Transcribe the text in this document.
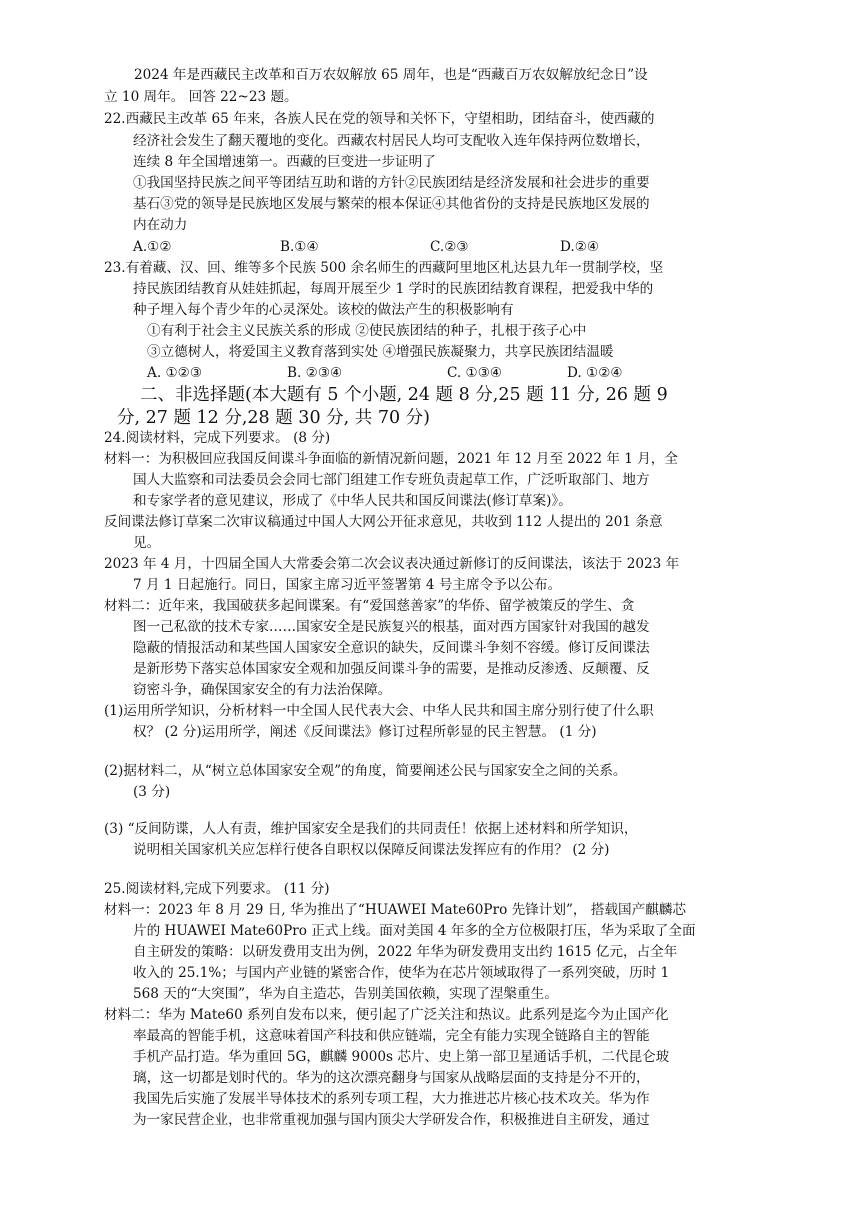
2024 年是西藏民主改革和百万农奴解放 65 周年，也是“西藏百万农奴解放纪念日”设
立 10 周年。 回答 22~23 题。
22.西藏民主改革 65 年来，各族人民在党的领导和关怀下，守望相助，团结奋斗，使西藏的
经济社会发生了翻天覆地的变化。西藏农村居民人均可支配收入连年保持两位数增长，
连续 8 年全国增速第一。西藏的巨变进一步证明了
①我国坚持民族之间平等团结互助和谐的方针②民族团结是经济发展和社会进步的重要
基石③党的领导是民族地区发展与繁荣的根本保证④其他省份的支持是民族地区发展的
内在动力
A.①②	B.①④	C.②③	D.②④
23.有着藏、汉、回、维等多个民族 500 余名师生的西藏阿里地区札达县九年一贯制学校，坚
持民族团结教育从娃娃抓起，每周开展至少 1 学时的民族团结教育课程，把爱我中华的
种子埋入每个青少年的心灵深处。该校的做法产生的积极影响有
①有利于社会主义民族关系的形成 ②使民族团结的种子，扎根于孩子心中
③立德树人，将爱国主义教育落到实处 ④增强民族凝聚力，共享民族团结温暖
A. ①②③	B. ②③④	C. ①③④	D. ①②④
二、非选择题(本大题有 5 个小题, 24 题 8 分,25 题 11 分, 26 题 9
分, 27 题 12 分,28 题 30 分, 共 70 分)
24.阅读材料，完成下列要求。 (8 分)
材料一：为积极回应我国反间谍斗争面临的新情况新问题，2021 年 12 月至 2022 年 1 月，全
国人大监察和司法委员会会同七部门组建工作专班负责起草工作，广泛听取部门、地方
和专家学者的意见建议，形成了《中华人民共和国反间谍法(修订草案)》。
反间谍法修订草案二次审议稿通过中国人大网公开征求意见，共收到 112 人提出的 201 条意
见。
2023 年 4 月，十四届全国人大常委会第二次会议表决通过新修订的反间谍法，该法于 2023 年
7 月 1 日起施行。同日，国家主席习近平签署第 4 号主席令予以公布。
材料二：近年来，我国破获多起间谍案。有“爱国慈善家”的华侨、留学被策反的学生、贪
图一己私欲的技术专家……国家安全是民族复兴的根基，面对西方国家针对我国的越发
隐蔽的情报活动和某些国人国家安全意识的缺失，反间谍斗争刻不容缓。修订反间谍法
是新形势下落实总体国家安全观和加强反间谍斗争的需要，是推动反渗透、反颠覆、反
窃密斗争，确保国家安全的有力法治保障。
(1)运用所学知识，分析材料一中全国人民代表大会、中华人民共和国主席分别行使了什么职
权？ (2 分)运用所学，阐述《反间谍法》修订过程所彰显的民主智慧。 (1 分)
(2)据材料二，从“树立总体国家安全观”的角度，简要阐述公民与国家安全之间的关系。
(3 分)
(3) “反间防谍，人人有责，维护国家安全是我们的共同责任！依据上述材料和所学知识，
说明相关国家机关应怎样行使各自职权以保障反间谍法发挥应有的作用？ (2 分)
25.阅读材料,完成下列要求。 (11 分)
材料一：2023 年 8 月 29 日, 华为推出了“HUAWEI Mate60Pro 先锋计划”， 搭载国产麒麟芯
片的 HUAWEI Mate60Pro 正式上线。面对美国 4 年多的全方位极限打压，华为采取了全面
自主研发的策略：以研发费用支出为例，2022 年华为研发费用支出约 1615 亿元，占全年
收入的 25.1%；与国内产业链的紧密合作，使华为在芯片领域取得了一系列突破，历时 1
568 天的“大突围”，华为自主造芯，告别美国依赖，实现了涅槃重生。
材料二：华为 Mate60 系列自发布以来，便引起了广泛关注和热议。此系列是迄今为止国产化
率最高的智能手机，这意味着国产科技和供应链端，完全有能力实现全链路自主的智能
手机产品打造。华为重回 5G，麒麟 9000s 芯片、史上第一部卫星通话手机，二代昆仑玻
璃，这一切都是划时代的。华为的这次漂亮翻身与国家从战略层面的支持是分不开的，
我国先后实施了发展半导体技术的系列专项工程，大力推进芯片核心技术攻关。华为作
为一家民营企业，也非常重视加强与国内顶尖大学研发合作，积极推进自主研发，通过
